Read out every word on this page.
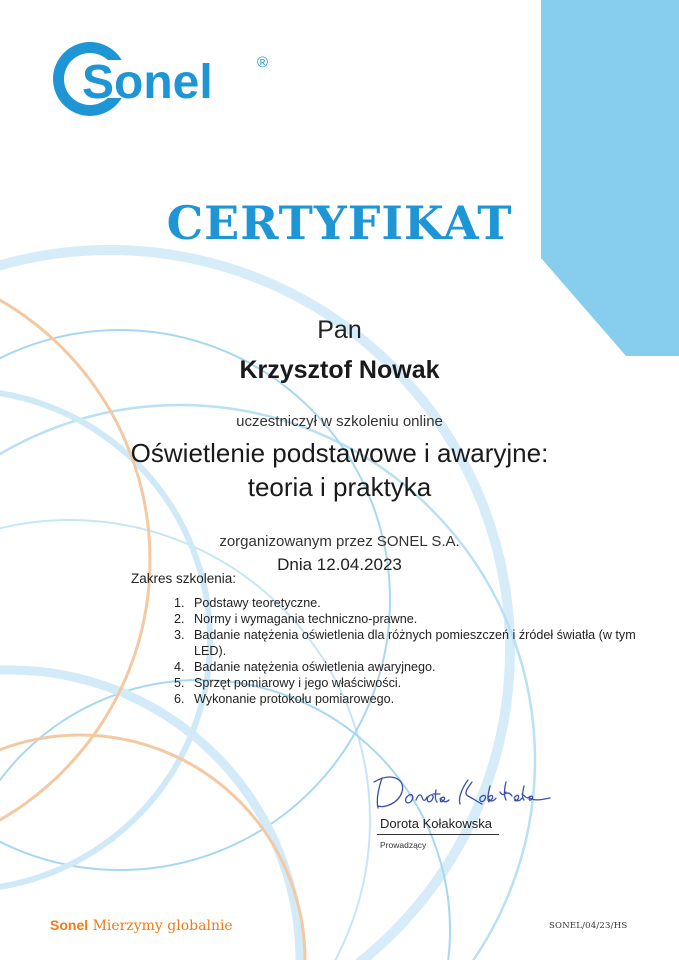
Sonel	®
CERTYFIKAT
Pan
Krzysztof Nowak
uczestniczył w szkoleniu online
Oświetlenie podstawowe i awaryjne:
teoria i praktyka
zorganizowanym przez SONEL S.A.
Dnia 12.04.2023
Zakres szkolenia:
1. Podstawy teoretyczne.
2. Normy i wymagania techniczno-prawne.
3. Badanie natężenia oświetlenia dla różnych pomieszczeń i źródeł światła (w tym LED).
4. Badanie natężenia oświetlenia awaryjnego.
5. Sprzęt pomiarowy i jego właściwości.
6. Wykonanie protokołu pomiarowego.
Dorota Kołakowska
Prowadzący
Sonel Mierzymy globalnie	SONEL/04/23/HS
